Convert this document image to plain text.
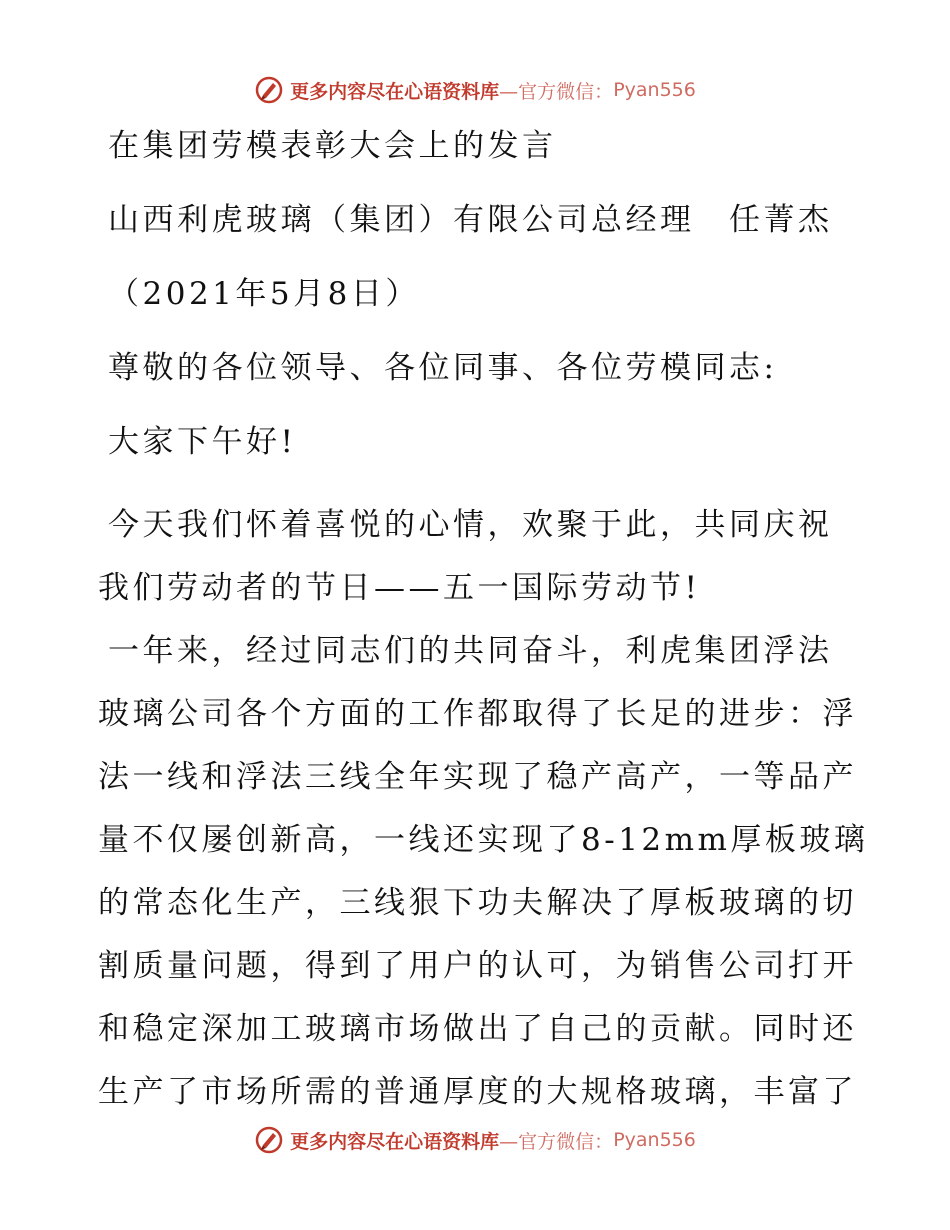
更多内容尽在心语资料库 —官方微信： Pyan556

在集团劳模表彰大会上的发言

山西利虎玻璃（集团）有限公司总经理　任菁杰

（2021年5月8日）

尊敬的各位领导、各位同事、各位劳模同志:

大家下午好!

今天我们怀着喜悦的心情，欢聚于此，共同庆祝

我们劳动者的节日——五一国际劳动节!

一年来，经过同志们的共同奋斗，利虎集团浮法

玻璃公司各个方面的工作都取得了长足的进步：浮

法一线和浮法三线全年实现了稳产高产，一等品产

量不仅屡创新高，一线还实现了8-12mm厚板玻璃

的常态化生产，三线狠下功夫解决了厚板玻璃的切

割质量问题，得到了用户的认可，为销售公司打开

和稳定深加工玻璃市场做出了自己的贡献。同时还

生产了市场所需的普通厚度的大规格玻璃，丰富了

更多内容尽在心语资料库 —官方微信： Pyan556
